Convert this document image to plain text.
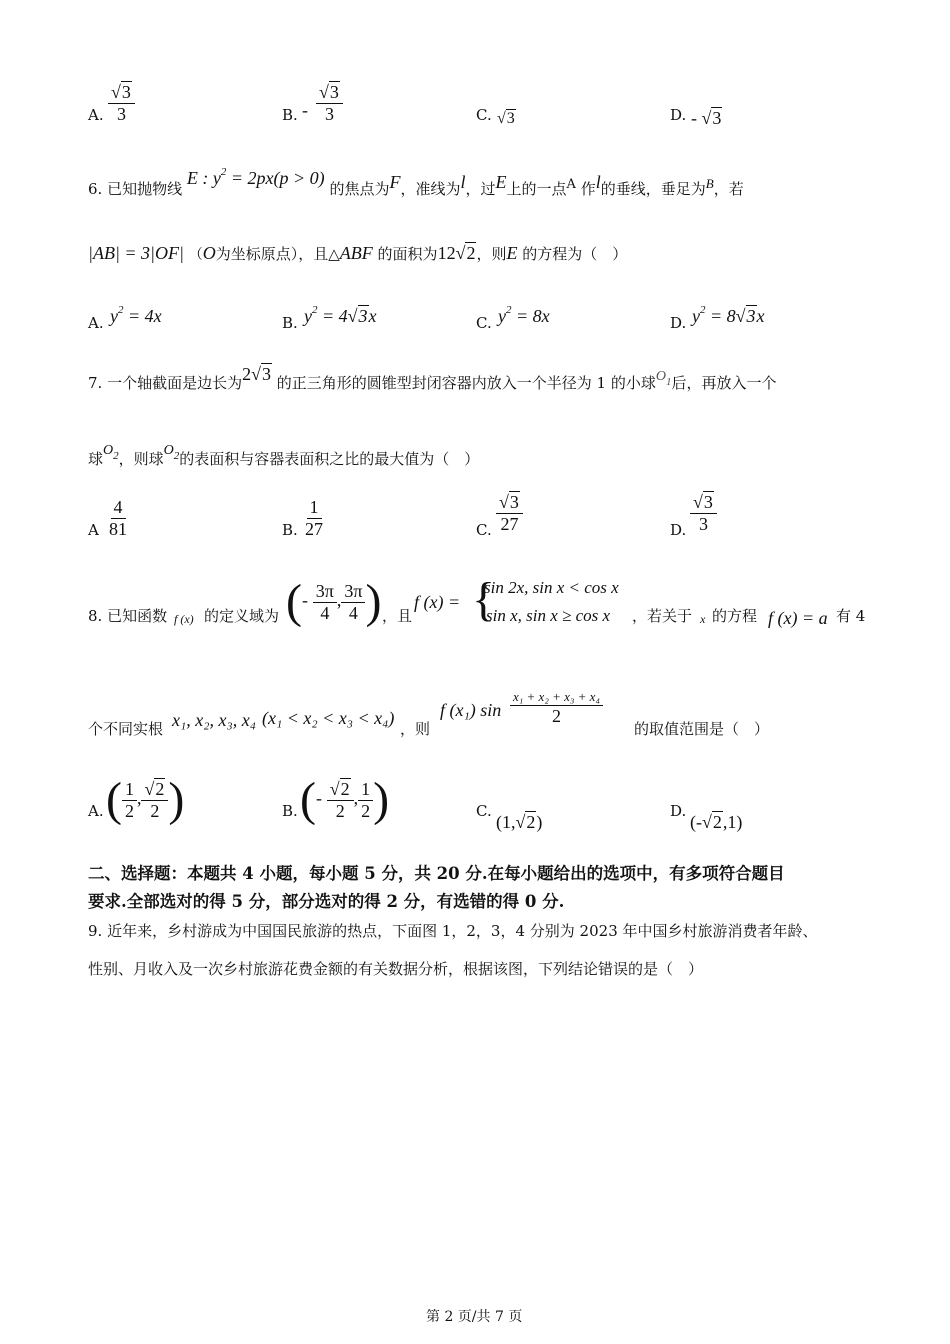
A. $\frac{√3}{3}$	B. - $\frac{√3}{3}$	C. √3	D. - √3
6. 已知抛物线 E : $y^2 = 2px(p > 0)$ 的焦点为F，准线为l，过E上的一点A 作l的垂线，垂足为B，若
|AB| = 3|OF| （O为坐标原点），且△ABF 的面积为12√2，则E 的方程为（　）
A. $y^2 = 4x$	B. $y^2 = 4√3x$	C. $y^2 = 8x$	D. $y^2 = 8√3x$
7. 一个轴截面是边长为2√3 的正三角形的圆锥型封闭容器内放入一个半径为 1 的小球$O_1$后，再放入一个
球$O_2$，则球$O_2$的表面积与容器表面积之比的最大值为（　）
A $\frac{4}{81}$	B. $\frac{1}{27}$	C. $\frac{√3}{27}$	D. $\frac{√3}{3}$
8. 已知函数 f (x) 的定义域为 (- $\frac{3\pi}{4}$ , $\frac{3\pi}{4}$ ) ，且
f (x) = {
sin 2x, sin x < cos x
sin x, sin x ≥ cos x ，若关于 x 的方程 f (x) = a 有 4
个不同实根 x₁, x₂, x₃, x₄ (x₁ < x₂ < x₃ < x₄)
，则
f (x₁) sin
x₁ + x₂ + x₃ + x₄
2
的取值范围是（　）
A. ( $\frac{1}{2}$ , $\frac{√2}{2}$ )	B. (- $\frac{√2}{2}$ , $\frac{1}{2}$ )	C.
(1,√2)
D.
(-√2,1)
二、选择题：本题共 4 小题，每小题 5 分，共 20 分.在每小题给出的选项中，有多项符合题目
要求.全部选对的得 5 分，部分选对的得 2 分，有选错的得 0 分.
9. 近年来，乡村游成为中国国民旅游的热点，下面图 1，2，3，4 分别为 2023 年中国乡村旅游消费者年龄、
性别、月收入及一次乡村旅游花费金额的有关数据分析，根据该图，下列结论错误的是（　）
第 2 页/共 7 页
